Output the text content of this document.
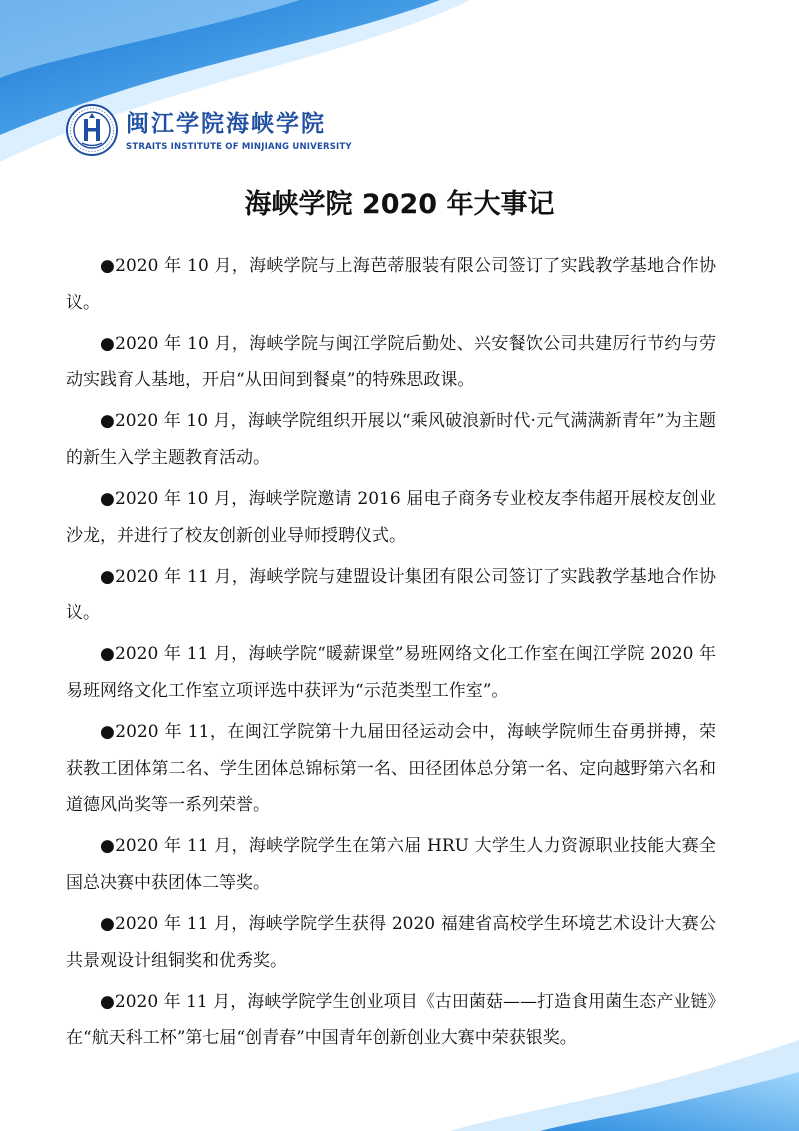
闽江学院海峡学院
STRAITS INSTITUTE OF MINJIANG UNIVERSITY
海峡学院 2020 年大事记

●2020 年 10 月，海峡学院与上海芭蒂服装有限公司签订了实践教学基地合作协议。

●2020 年 10 月，海峡学院与闽江学院后勤处、兴安餐饮公司共建厉行节约与劳动实践育人基地，开启“从田间到餐桌”的特殊思政课。

●2020 年 10 月，海峡学院组织开展以“乘风破浪新时代·元气满满新青年”为主题的新生入学主题教育活动。

●2020 年 10 月，海峡学院邀请 2016 届电子商务专业校友李伟超开展校友创业沙龙，并进行了校友创新创业导师授聘仪式。

●2020 年 11 月，海峡学院与建盟设计集团有限公司签订了实践教学基地合作协议。

●2020 年 11 月，海峡学院“暖薪课堂”易班网络文化工作室在闽江学院 2020 年易班网络文化工作室立项评选中获评为“示范类型工作室”。

●2020 年 11，在闽江学院第十九届田径运动会中，海峡学院师生奋勇拼搏，荣获教工团体第二名、学生团体总锦标第一名、田径团体总分第一名、定向越野第六名和道德风尚奖等一系列荣誉。

●2020 年 11 月，海峡学院学生在第六届 HRU 大学生人力资源职业技能大赛全国总决赛中获团体二等奖。

●2020 年 11 月，海峡学院学生获得 2020 福建省高校学生环境艺术设计大赛公共景观设计组铜奖和优秀奖。

●2020 年 11 月，海峡学院学生创业项目《古田菌菇——打造食用菌生态产业链》在“航天科工杯”第七届“创青春”中国青年创新创业大赛中荣获银奖。
